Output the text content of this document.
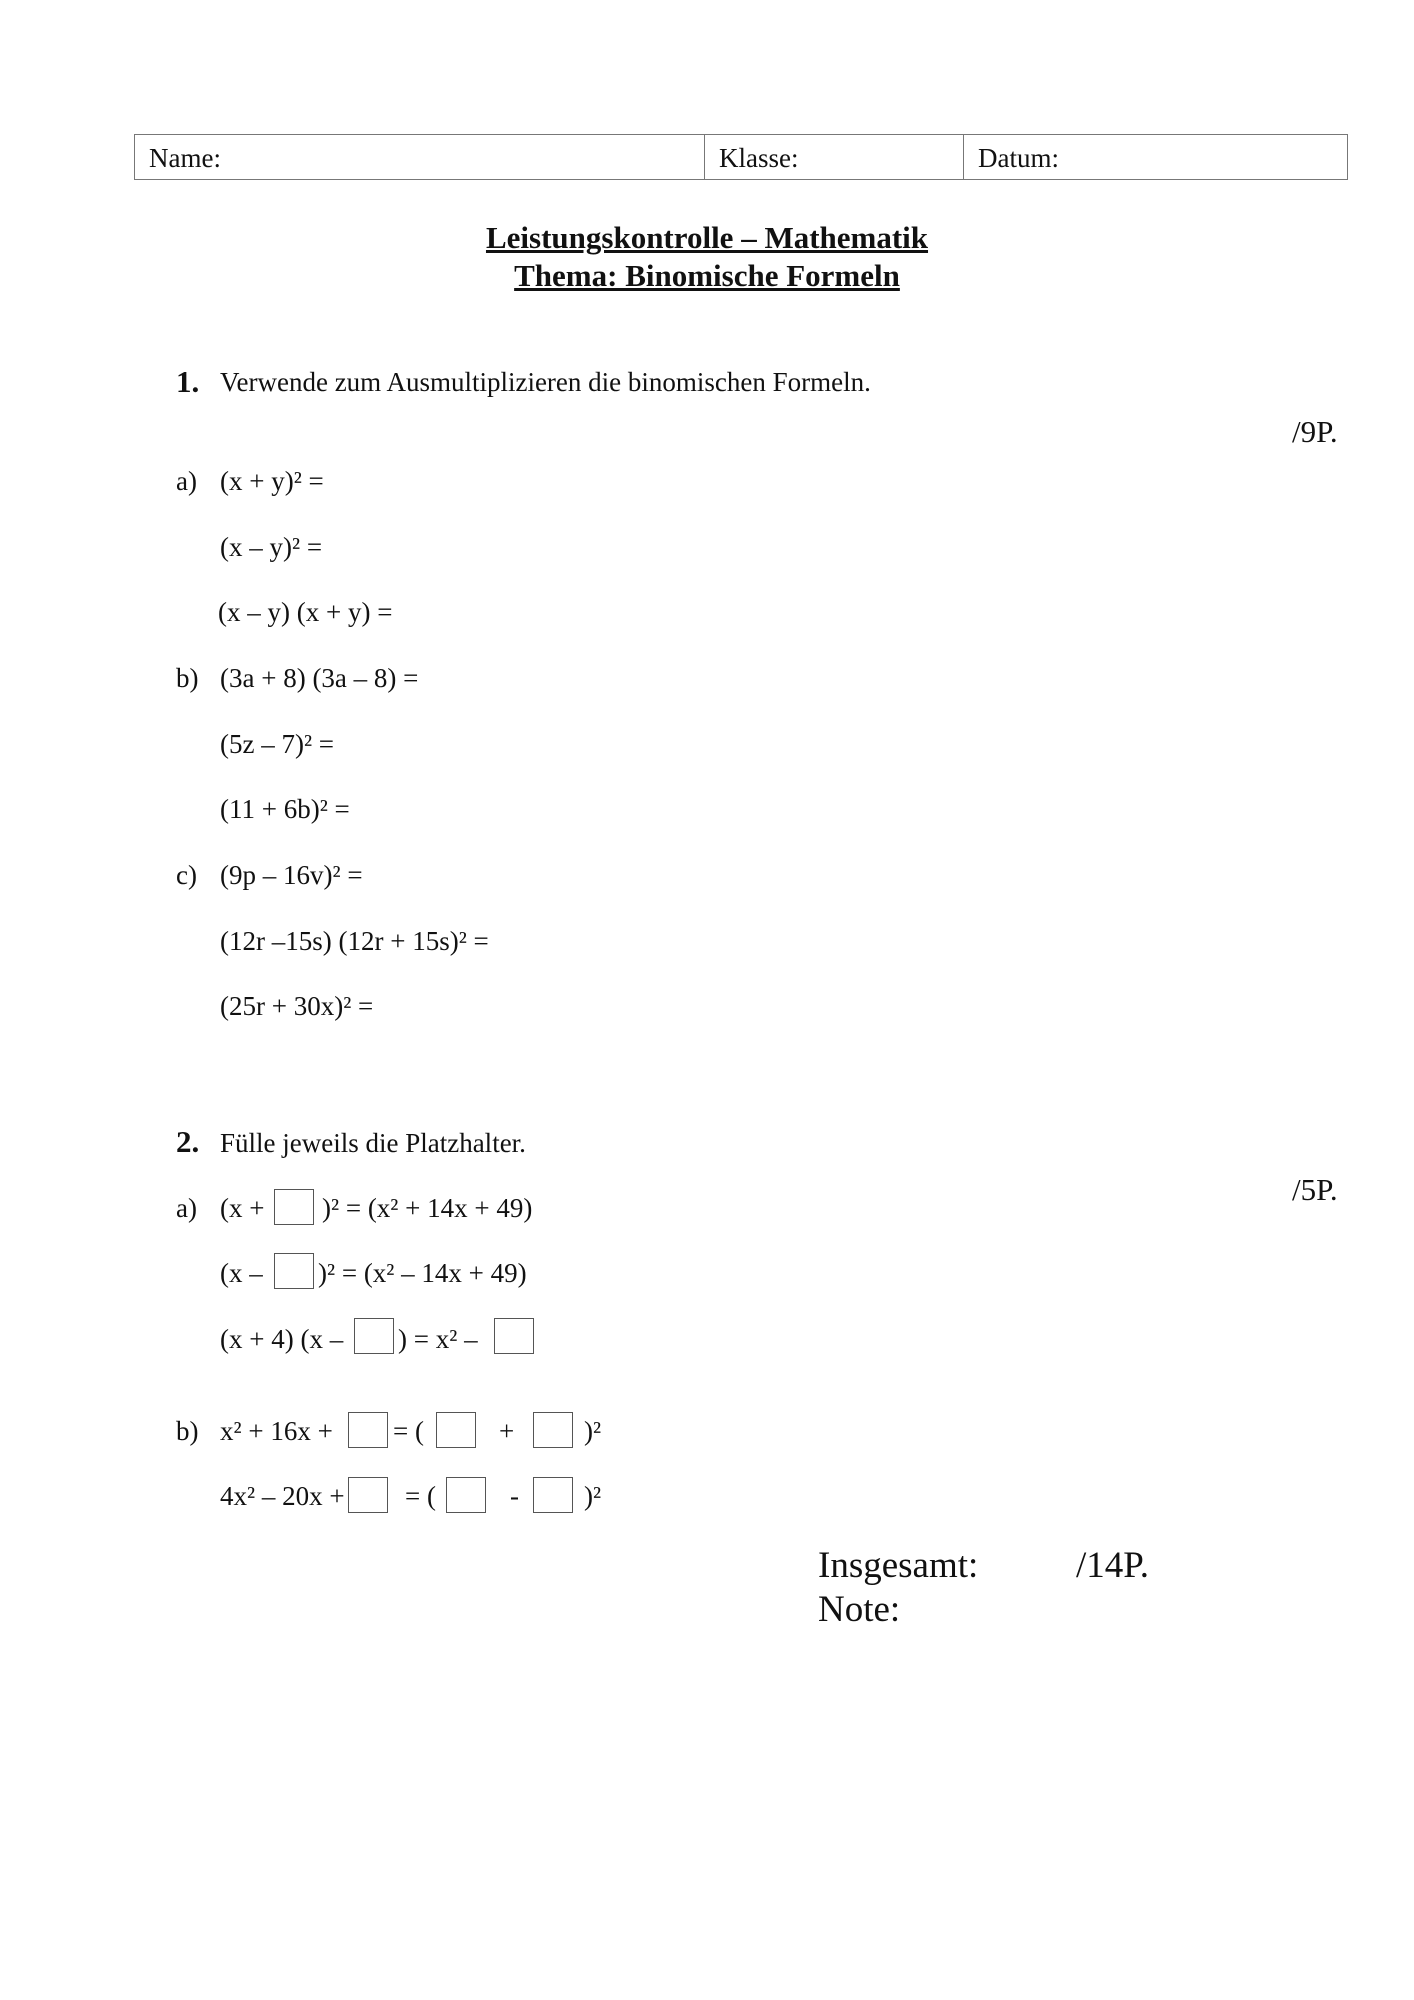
Name:	Klasse:	Datum:
Leistungskontrolle – Mathematik
Thema: Binomische Formeln
1. Verwende zum Ausmultiplizieren die binomischen Formeln.
/9P.
a) (x + y)² =
(x – y)² =
(x – y) (x + y) =
b) (3a + 8) (3a – 8) =
(5z – 7)² =
(11 + 6b)² =
c) (9p – 16v)² =
(12r –15s) (12r + 15s)² =
(25r + 30x)² =
2. Fülle jeweils die Platzhalter.
/5P.
a) (x + )² = (x² + 14x + 49)
(x – )² = (x² – 14x + 49)
(x + 4) (x – ) = x² –
b) x² + 16x + = (	+	)²
4x² – 20x + = (	- )²
Insgesamt:	/14P.
Note:
